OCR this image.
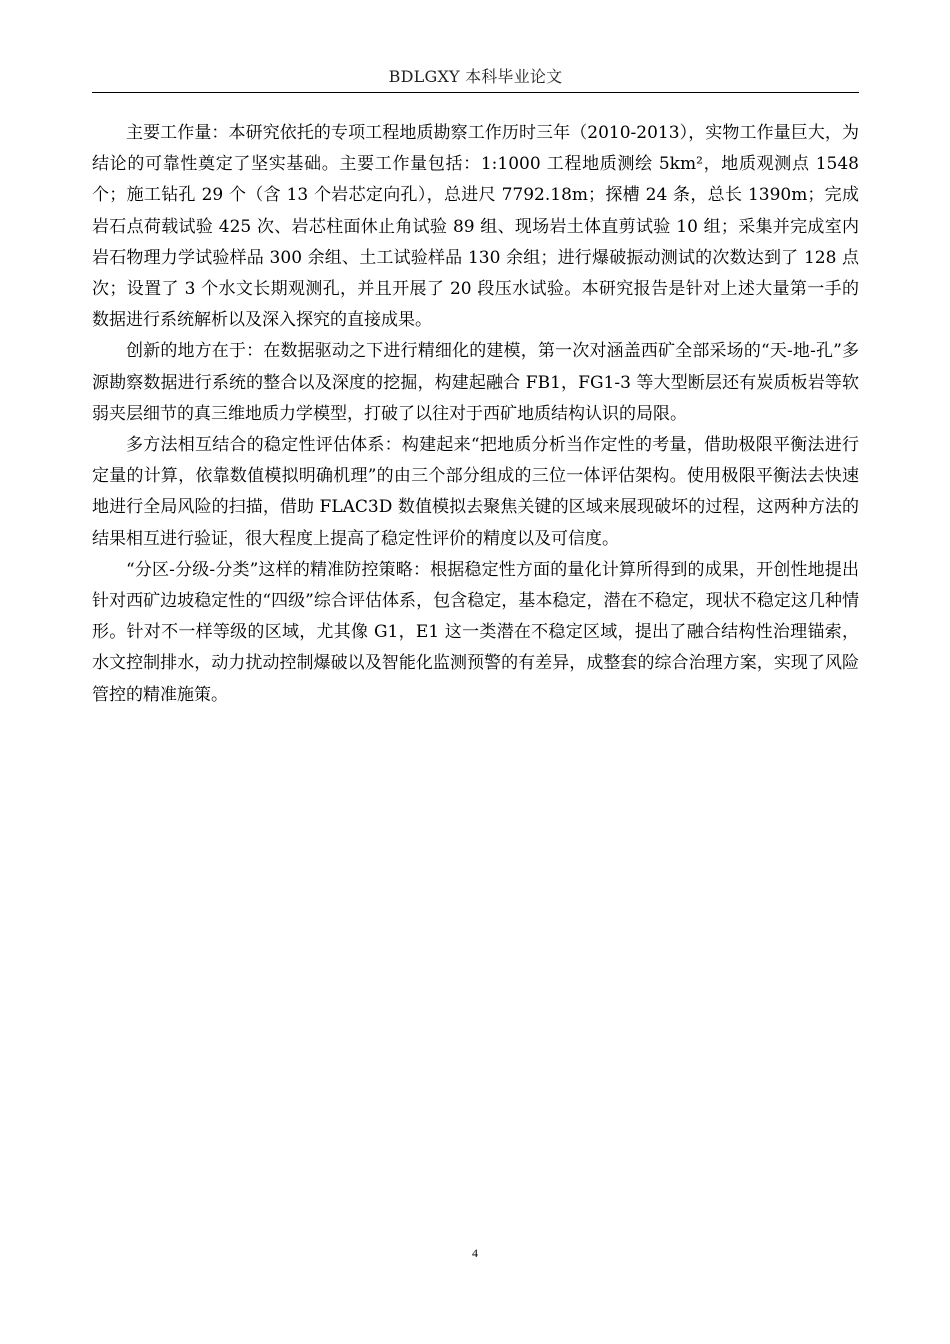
BDLGXY 本科毕业论文

主要工作量：本研究依托的专项工程地质勘察工作历时三年（2010-2013），实物工作量巨大，为结论的可靠性奠定了坚实基础。主要工作量包括：1:1000 工程地质测绘 5km²，地质观测点 1548 个；施工钻孔 29 个（含 13 个岩芯定向孔），总进尺 7792.18m；探槽 24 条，总长 1390m；完成岩石点荷载试验 425 次、岩芯柱面休止角试验 89 组、现场岩土体直剪试验 10 组；采集并完成室内岩石物理力学试验样品 300 余组、土工试验样品 130 余组；进行爆破振动测试的次数达到了 128 点次；设置了 3 个水文长期观测孔，并且开展了 20 段压水试验。本研究报告是针对上述大量第一手的数据进行系统解析以及深入探究的直接成果。

创新的地方在于：在数据驱动之下进行精细化的建模，第一次对涵盖西矿全部采场的“天-地-孔”多源勘察数据进行系统的整合以及深度的挖掘，构建起融合 FB1，FG1-3 等大型断层还有炭质板岩等软弱夹层细节的真三维地质力学模型，打破了以往对于西矿地质结构认识的局限。

多方法相互结合的稳定性评估体系：构建起来“把地质分析当作定性的考量，借助极限平衡法进行定量的计算，依靠数值模拟明确机理”的由三个部分组成的三位一体评估架构。使用极限平衡法去快速地进行全局风险的扫描，借助 FLAC3D 数值模拟去聚焦关键的区域来展现破坏的过程，这两种方法的结果相互进行验证，很大程度上提高了稳定性评价的精度以及可信度。

“分区-分级-分类”这样的精准防控策略：根据稳定性方面的量化计算所得到的成果，开创性地提出针对西矿边坡稳定性的“四级”综合评估体系，包含稳定，基本稳定，潜在不稳定，现状不稳定这几种情形。针对不一样等级的区域，尤其像 G1，E1 这一类潜在不稳定区域，提出了融合结构性治理锚索，水文控制排水，动力扰动控制爆破以及智能化监测预警的有差异，成整套的综合治理方案，实现了风险管控的精准施策。

4
